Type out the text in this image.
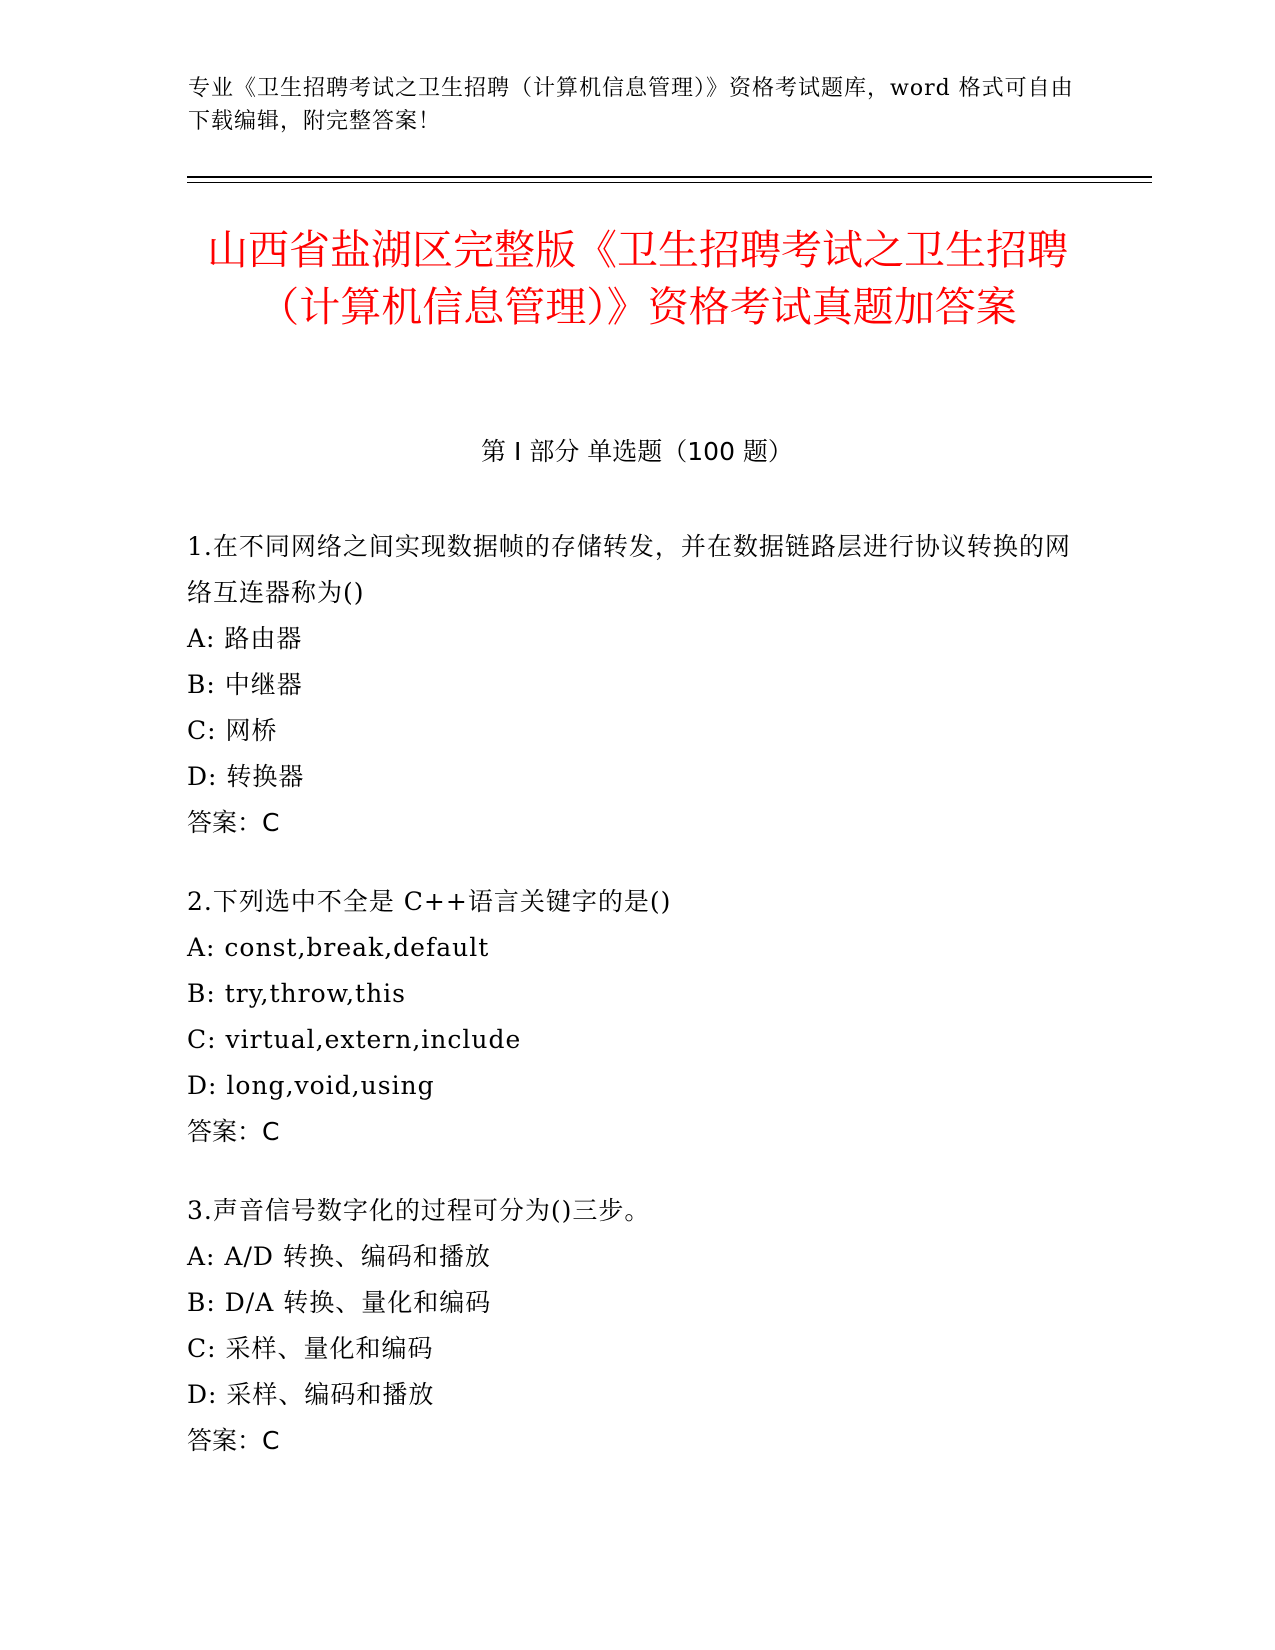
专业《卫生招聘考试之卫生招聘（计算机信息管理）》资格考试题库，word 格式可自由下载编辑，附完整答案！
山西省盐湖区完整版《卫生招聘考试之卫生招聘（计算机信息管理）》资格考试真题加答案
第 I 部分 单选题（100 题）
1.在不同网络之间实现数据帧的存储转发，并在数据链路层进行协议转换的网络互连器称为()
A: 路由器
B: 中继器
C: 网桥
D: 转换器
答案：C
2.下列选中不全是 C++语言关键字的是()
A: const,break,default
B: try,throw,this
C: virtual,extern,include
D: long,void,using
答案：C
3.声音信号数字化的过程可分为()三步。
A: A/D 转换、编码和播放
B: D/A 转换、量化和编码
C: 采样、量化和编码
D: 采样、编码和播放
答案：C
